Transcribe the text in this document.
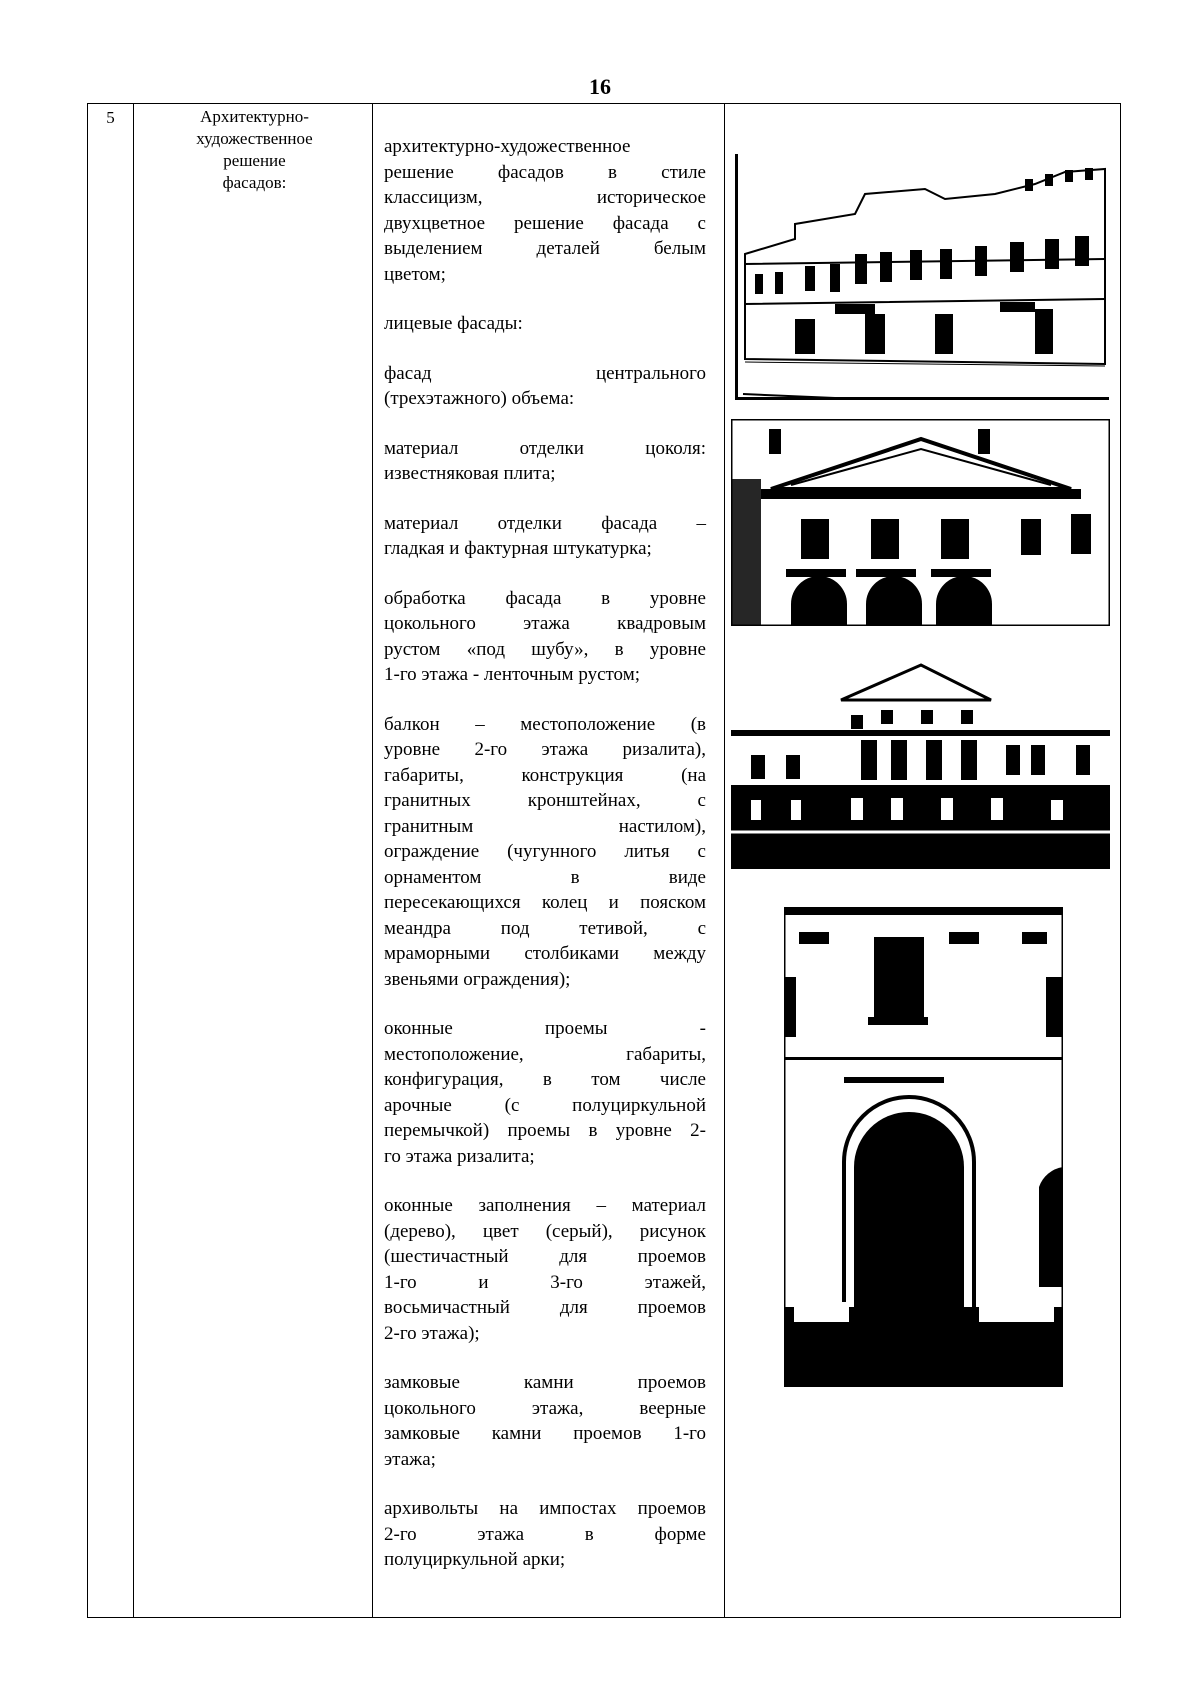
16
5	Архитектурно-
художественное
решение
фасадов:

архитектурно-художественное
решение фасадов в стиле
классицизм, историческое
двухцветное решение фасада с
выделением деталей белым
цветом;

лицевые фасады:

фасад центрального
(трехэтажного) объема:

материал отделки цоколя:
известняковая плита;

материал отделки фасада –
гладкая и фактурная штукатурка;

обработка фасада в уровне
цокольного этажа квадровым
рустом «под шубу», в уровне
1-го этажа - ленточным рустом;

балкон – местоположение (в
уровне 2-го этажа ризалита),
габариты, конструкция (на
гранитных кронштейнах, с
гранитным настилом),
ограждение (чугунного литья с
орнаментом в виде
пересекающихся колец и пояском
меандра под тетивой, с
мраморными столбиками между
звеньями ограждения);

оконные проемы -
местоположение, габариты,
конфигурация, в том числе
арочные (с полуциркульной
перемычкой) проемы в уровне 2-
го этажа ризалита;

оконные заполнения – материал
(дерево), цвет (серый), рисунок
(шестичастный для проемов
1-го и 3-го этажей,
восьмичастный для проемов
2-го этажа);

замковые камни проемов
цокольного этажа, веерные
замковые камни проемов 1-го
этажа;

архивольты на импостах проемов
2-го этажа в форме
полуциркульной арки;
